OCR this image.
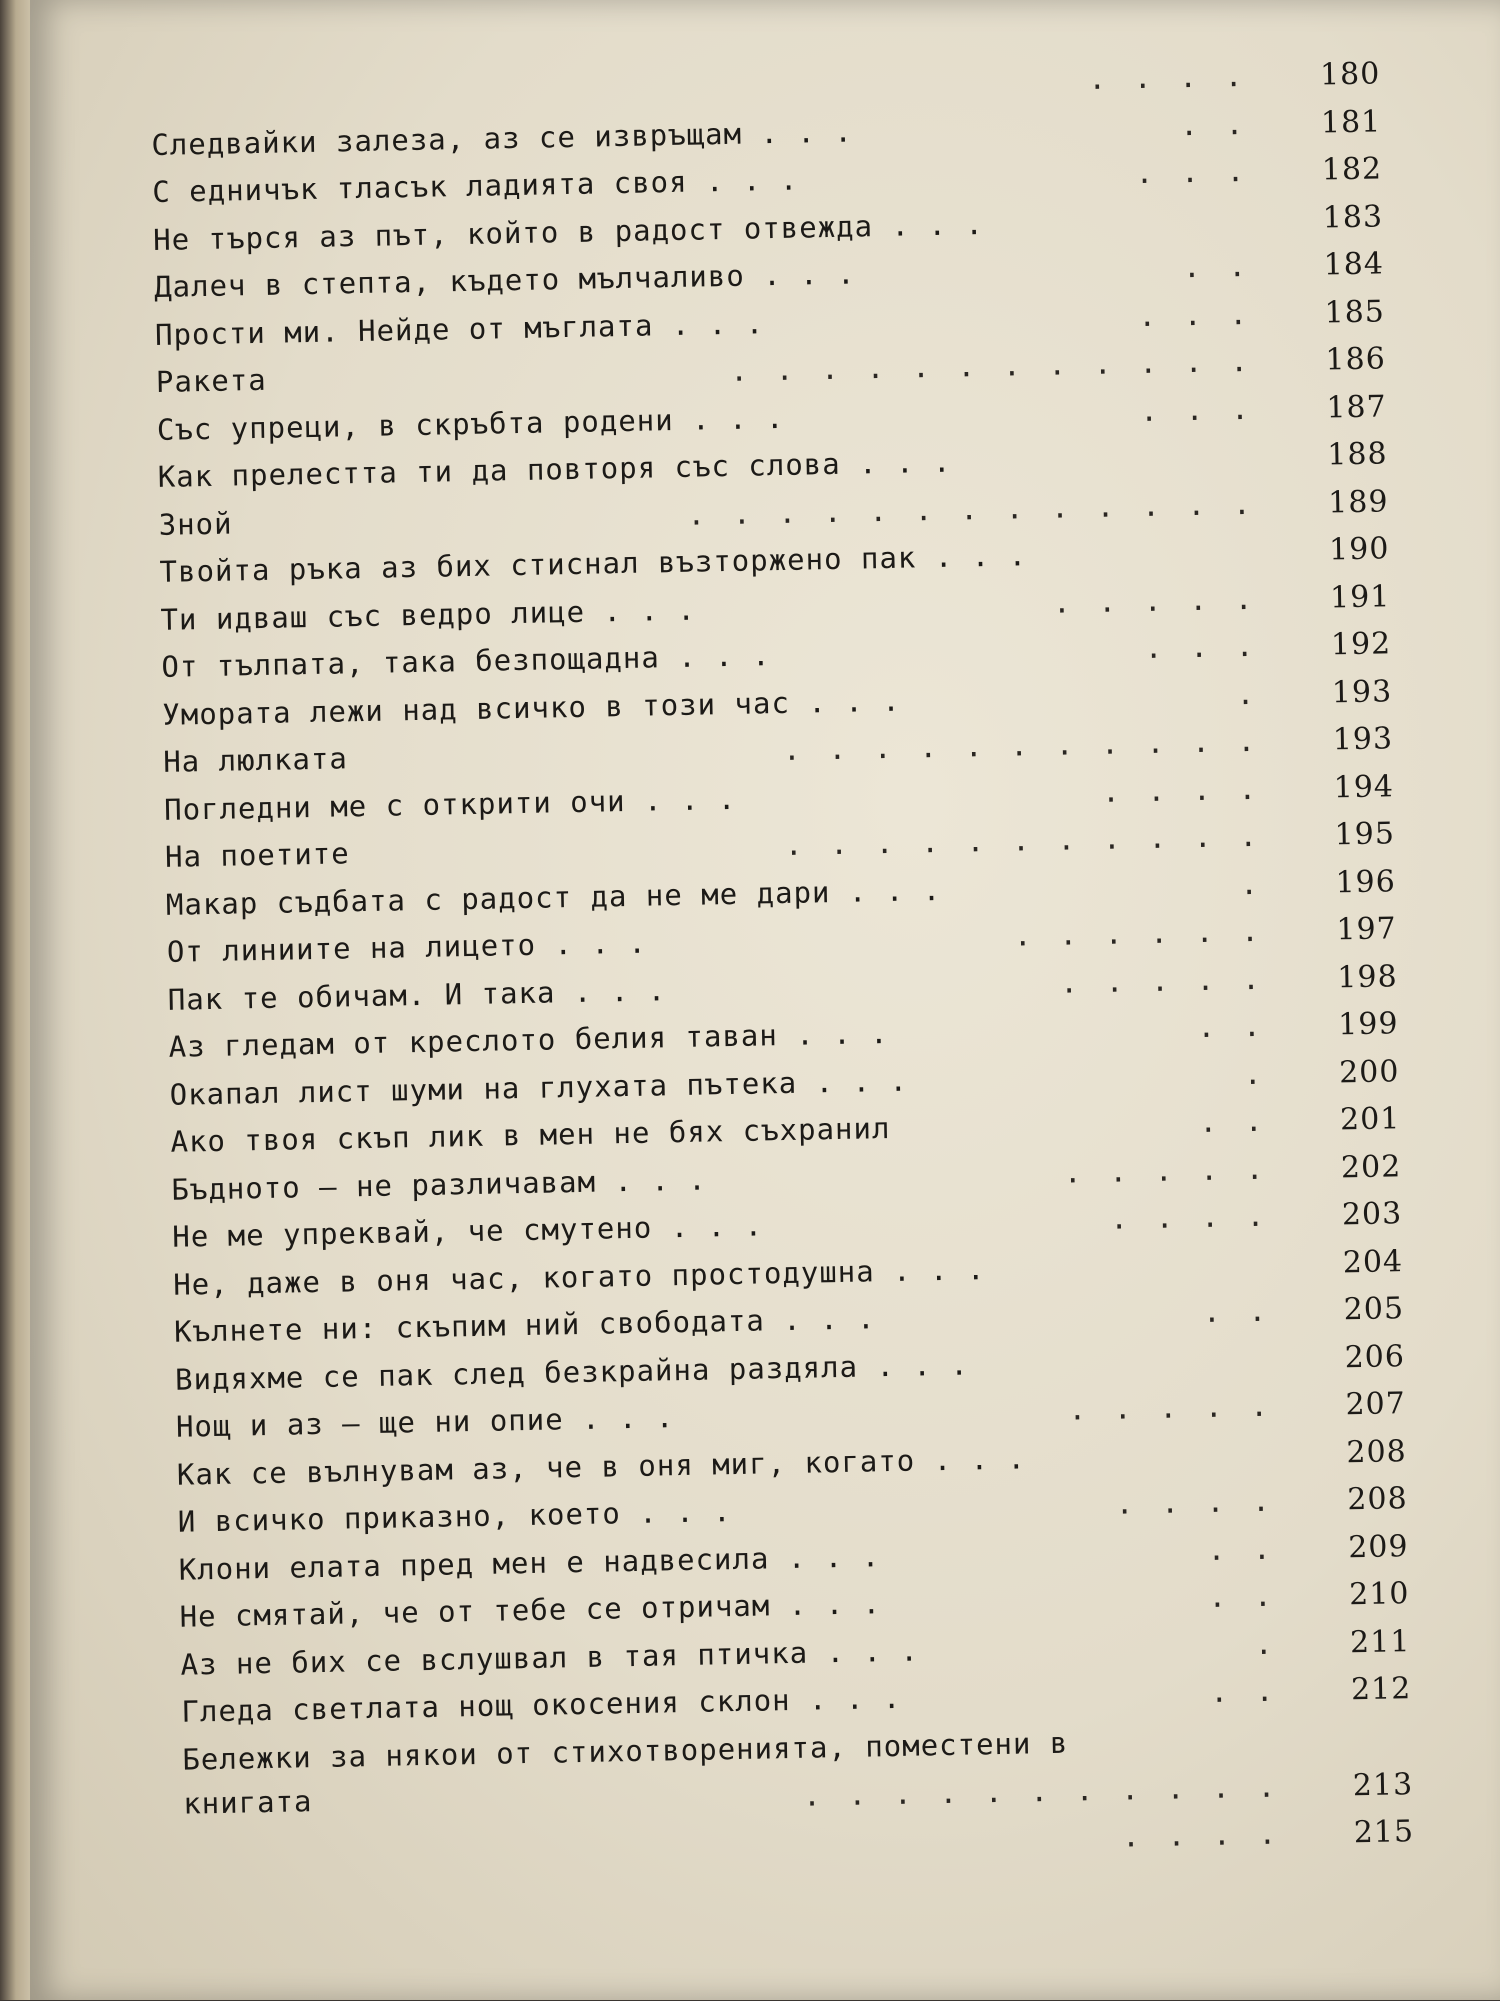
....	180
Следвайки залеза, аз се извръщам . . .	..	181
С едничък тласък ладията своя . . .	...	182
Не търся аз път, който в радост отвежда . . .	183
Далеч в степта, където мълчаливо . . .	..	184
Прости ми. Нейде от мъглата . . .	...	185
Ракета	............	186
Със упреци, в скръбта родени . . .	...	187
Как прелестта ти да повторя със слова . . .	188
Зной	.............	189
Твойта ръка аз бих стиснал възторжено пак . . .	190
Ти идваш със ведро лице . . .	.....	191
От тълпата, така безпощадна . . .	...	192
Умората лежи над всичко в този час . . .	.	193
На люлката	...........	193
Погледни ме с открити очи . . .	....	194
На поетите	...........	195
Макар съдбата с радост да не ме дари . . .	.	196
От линиите на лицето . . .	......	197
Пак те обичам. И така . . .	.....	198
Аз гледам от креслото белия таван . . .	..	199
Окапал лист шуми на глухата пътека . . .	.	200
Ако твоя скъп лик в мен не бях съхранил	..	201
Бъдното — не различавам . . .	.....	202
Не ме упреквай, че смутено . . .	....	203
Не, даже в оня час, когато простодушна . . .	204
Кълнете ни: скъпим ний свободата . . .	..	205
Видяхме се пак след безкрайна раздяла . . .	206
Нощ и аз — ще ни опие . . .	.....	207
Как се вълнувам аз, че в оня миг, когато . . .	208
И всичко приказно, което . . .	....	208
Клони елата пред мен е надвесила . . .	..	209
Не смятай, че от тебе се отричам . . .	..	210
Аз не бих се вслушвал в тая птичка . . .	.	211
Гледа светлата нощ окосения склон . . .	..	212
Бележки за някои от стихотворенията, поместени в
книгата	...........	213
....	215
